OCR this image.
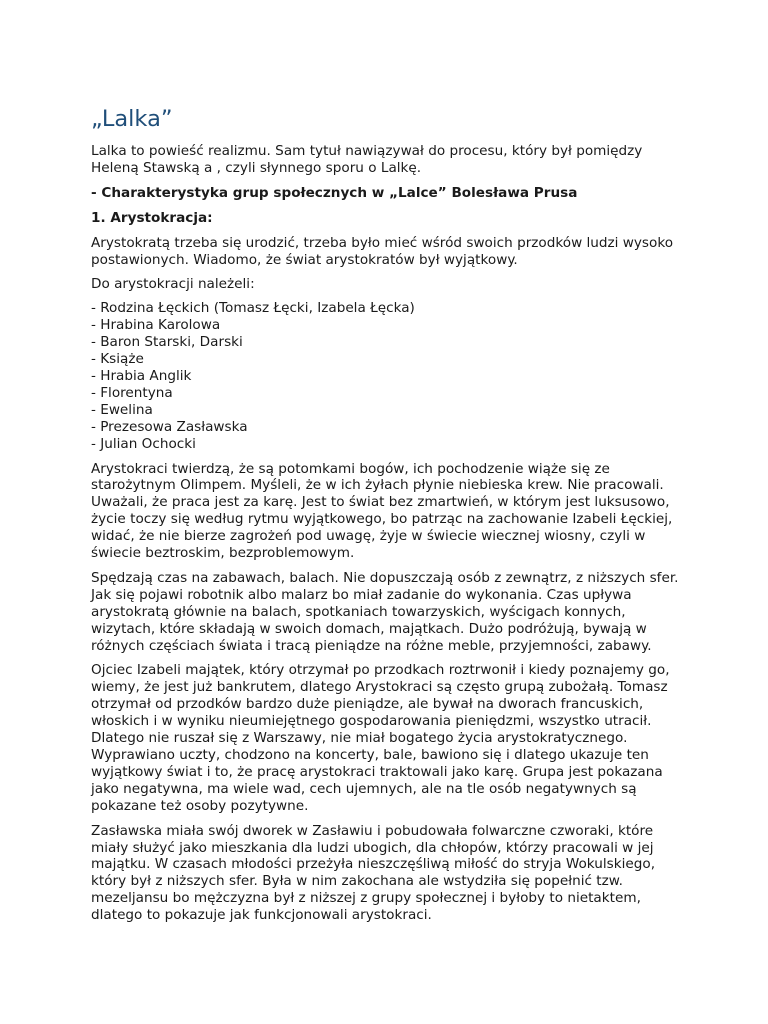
„Lalka”

Lalka to powieść realizmu. Sam tytuł nawiązywał do procesu, który był pomiędzy Heleną Stawską a , czyli słynnego sporu o Lalkę.

- Charakterystyka grup społecznych w „Lalce” Bolesława Prusa

1. Arystokracja:

Arystokratą trzeba się urodzić, trzeba było mieć wśród swoich przodków ludzi wysoko postawionych. Wiadomo, że świat arystokratów był wyjątkowy.

Do arystokracji należeli:

- Rodzina Łęckich (Tomasz Łęcki, Izabela Łęcka)
- Hrabina Karolowa
- Baron Starski, Darski
- Książe
- Hrabia Anglik
- Florentyna
- Ewelina
- Prezesowa Zasławska
- Julian Ochocki

Arystokraci twierdzą, że są potomkami bogów, ich pochodzenie wiąże się ze starożytnym Olimpem. Myśleli, że w ich żyłach płynie niebieska krew. Nie pracowali. Uważali, że praca jest za karę. Jest to świat bez zmartwień, w którym jest luksusowo, życie toczy się według rytmu wyjątkowego, bo patrząc na zachowanie Izabeli Łęckiej, widać, że nie bierze zagrożeń pod uwagę, żyje w świecie wiecznej wiosny, czyli w świecie beztroskim, bezproblemowym.

Spędzają czas na zabawach, balach. Nie dopuszczają osób z zewnątrz, z niższych sfer. Jak się pojawi robotnik albo malarz bo miał zadanie do wykonania. Czas upływa arystokratą głównie na balach, spotkaniach towarzyskich, wyścigach konnych, wizytach, które składają w swoich domach, majątkach. Dużo podróżują, bywają w różnych częściach świata i tracą pieniądze na różne meble, przyjemności, zabawy.

Ojciec Izabeli majątek, który otrzymał po przodkach roztrwonił i kiedy poznajemy go, wiemy, że jest już bankrutem, dlatego Arystokraci są często grupą zubożałą. Tomasz otrzymał od przodków bardzo duże pieniądze, ale bywał na dworach francuskich, włoskich i w wyniku nieumiejętnego gospodarowania pieniędzmi, wszystko utracił. Dlatego nie ruszał się z Warszawy, nie miał bogatego życia arystokratycznego. Wyprawiano uczty, chodzono na koncerty, bale, bawiono się i dlatego ukazuje ten wyjątkowy świat i to, że pracę arystokraci traktowali jako karę. Grupa jest pokazana jako negatywna, ma wiele wad, cech ujemnych, ale na tle osób negatywnych są pokazane też osoby pozytywne.

Zasławska miała swój dworek w Zasławiu i pobudowała folwarczne czworaki, które miały służyć jako mieszkania dla ludzi ubogich, dla chłopów, którzy pracowali w jej majątku. W czasach młodości przeżyła nieszczęśliwą miłość do stryja Wokulskiego, który był z niższych sfer. Była w nim zakochana ale wstydziła się popełnić tzw. mezeljansu bo mężczyzna był z niższej z grupy społecznej i byłoby to nietaktem, dlatego to pokazuje jak funkcjonowali arystokraci.
